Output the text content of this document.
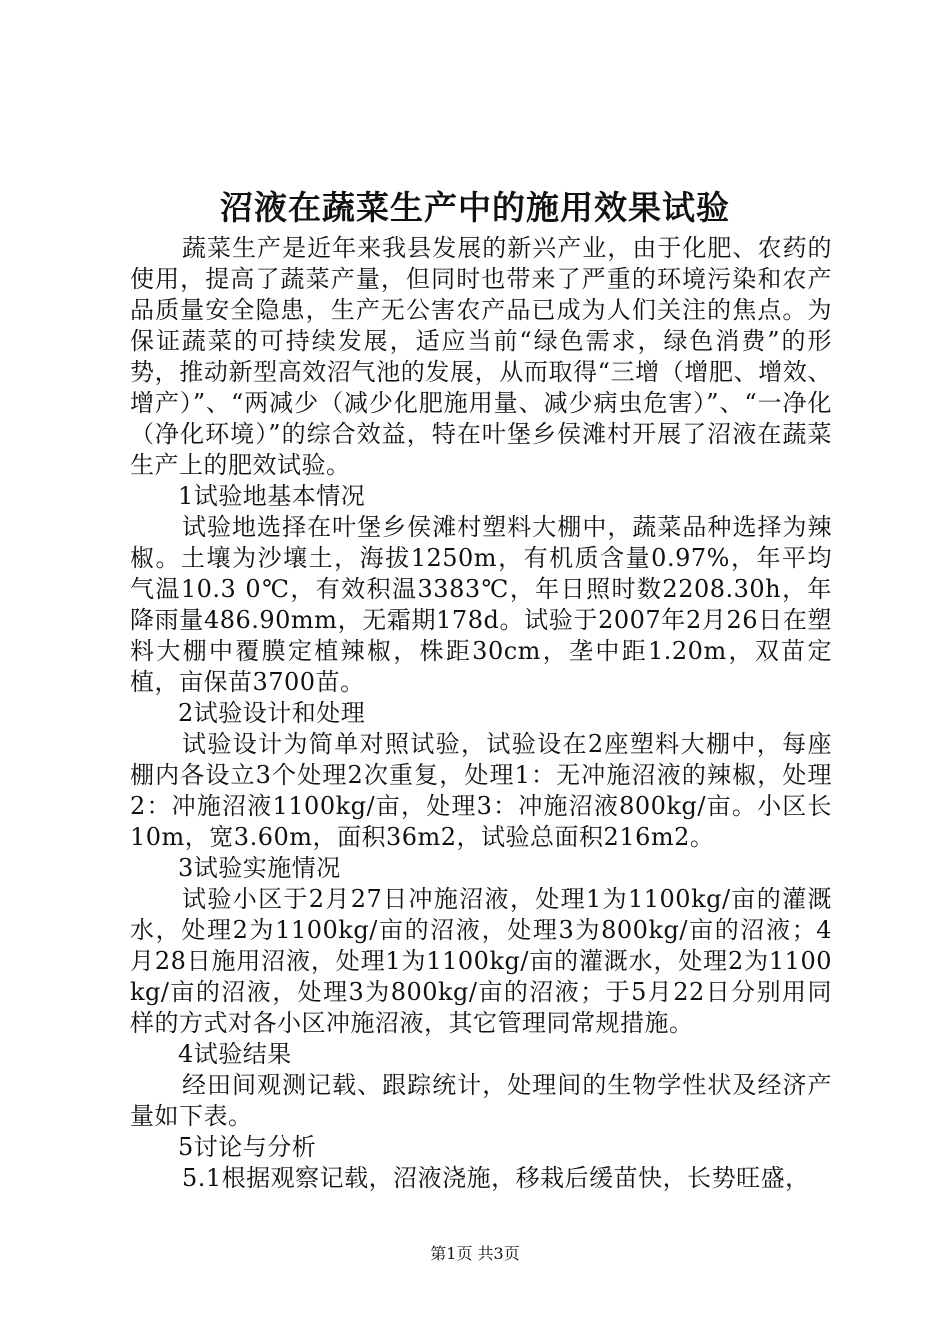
沼液在蔬菜生产中的施用效果试验

蔬菜生产是近年来我县发展的新兴产业，由于化肥、农药的使用，提高了蔬菜产量，但同时也带来了严重的环境污染和农产品质量安全隐患，生产无公害农产品已成为人们关注的焦点。为保证蔬菜的可持续发展，适应当前“绿色需求，绿色消费”的形势，推动新型高效沼气池的发展，从而取得“三增（增肥、增效、增产）”、“两减少（减少化肥施用量、减少病虫危害）”、“一净化（净化环境）”的综合效益，特在叶堡乡侯滩村开展了沼液在蔬菜生产上的肥效试验。

1试验地基本情况

试验地选择在叶堡乡侯滩村塑料大棚中，蔬菜品种选择为辣椒。土壤为沙壤土，海拔1250m，有机质含量0.97%，年平均气温10.3 0℃，有效积温3383℃，年日照时数2208.30h，年降雨量486.90mm，无霜期178d。试验于2007年2月26日在塑料大棚中覆膜定植辣椒，株距30cm，垄中距1.20m，双苗定植，亩保苗3700苗。

2试验设计和处理

试验设计为简单对照试验，试验设在2座塑料大棚中，每座棚内各设立3个处理2次重复，处理1：无冲施沼液的辣椒，处理2：冲施沼液1100kg/亩，处理3：冲施沼液800kg/亩。小区长10m，宽3.60m，面积36m2，试验总面积216m2。

3试验实施情况

试验小区于2月27日冲施沼液，处理1为1100kg/亩的灌溉水，处理2为1100kg/亩的沼液，处理3为800kg/亩的沼液；4月28日施用沼液，处理1为1100kg/亩的灌溉水，处理2为1100kg/亩的沼液，处理3为800kg/亩的沼液；于5月22日分别用同样的方式对各小区冲施沼液，其它管理同常规措施。

4试验结果

经田间观测记载、跟踪统计，处理间的生物学性状及经济产量如下表。

5讨论与分析

5.1根据观察记载，沼液浇施，移栽后缓苗快，长势旺盛，

第1页 共3页
